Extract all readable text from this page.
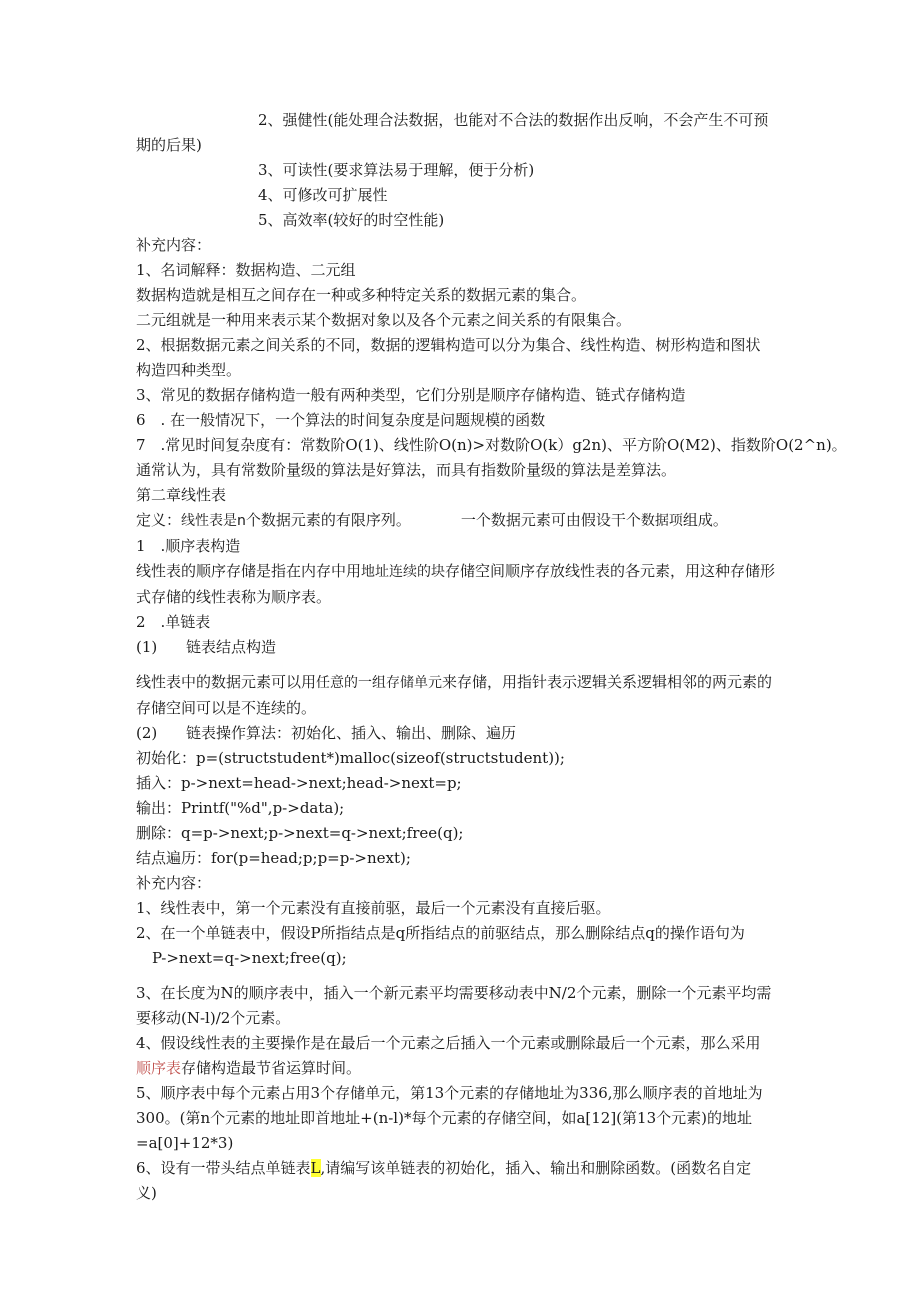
2、强健性(能处理合法数据，也能对不合法的数据作出反响，不会产生不可预
期的后果)
3、可读性(要求算法易于理解，便于分析)
4、可修改可扩展性
5、高效率(较好的时空性能)
补充内容：
1、名词解释：数据构造、二元组
数据构造就是相互之间存在一种或多种特定关系的数据元素的集合。
二元组就是一种用来表示某个数据对象以及各个元素之间关系的有限集合。
2、根据数据元素之间关系的不同，数据的逻辑构造可以分为集合、线性构造、树形构造和图状
构造四种类型。
3、常见的数据存储构造一般有两种类型，它们分别是顺序存储构造、链式存储构造
6　. 在一般情况下，一个算法的时间复杂度是问题规模的函数
7　.常见时间复杂度有：常数阶O(1)、线性阶O(n)>对数阶O(k）g2n)、平方阶O(M2)、指数阶O(2^n)。
通常认为，具有常数阶量级的算法是好算法，而具有指数阶量级的算法是差算法。
第二章线性表
定义：线性表是n个数据元素的有限序列。	一个数据元素可由假设干个数据项组成。
1　.顺序表构造
线性表的顺序存储是指在内存中用地址连续的块存储空间顺序存放线性表的各元素，用这种存储形
式存储的线性表称为顺序表。
2　.单链表
(1) 链表结点构造
线性表中的数据元素可以用任意的一组存储单元来存储，用指针表示逻辑关系逻辑相邻的两元素的
存储空间可以是不连续的。
(2) 链表操作算法：初始化、插入、输出、删除、遍历
初始化：p=(structstudent*)malloc(sizeof(structstudent));
插入：p->next=head->next;head->next=p;
输出：Printf("%d",p->data);
删除：q=p->next;p->next=q->next;free(q);
结点遍历：for(p=head;p;p=p->next);
补充内容：
1、线性表中，第一个元素没有直接前驱，最后一个元素没有直接后驱。
2、在一个单链表中，假设P所指结点是q所指结点的前驱结点，那么删除结点q的操作语句为
P->next=q->next;free(q);
3、在长度为N的顺序表中，插入一个新元素平均需要移动表中N/2个元素，删除一个元素平均需
要移动(N-l)/2个元素。
4、假设线性表的主要操作是在最后一个元素之后插入一个元素或删除最后一个元素，那么采用
顺序表存储构造最节省运算时间。
5、顺序表中每个元素占用3个存储单元，第13个元素的存储地址为336,那么顺序表的首地址为
300。(第n个元素的地址即首地址+(n-l)*每个元素的存储空间，如a[12](第13个元素)的地址
=a[0]+12*3)
6、设有一带头结点单链表L,请编写该单链表的初始化，插入、输出和删除函数。(函数名自定
义)
